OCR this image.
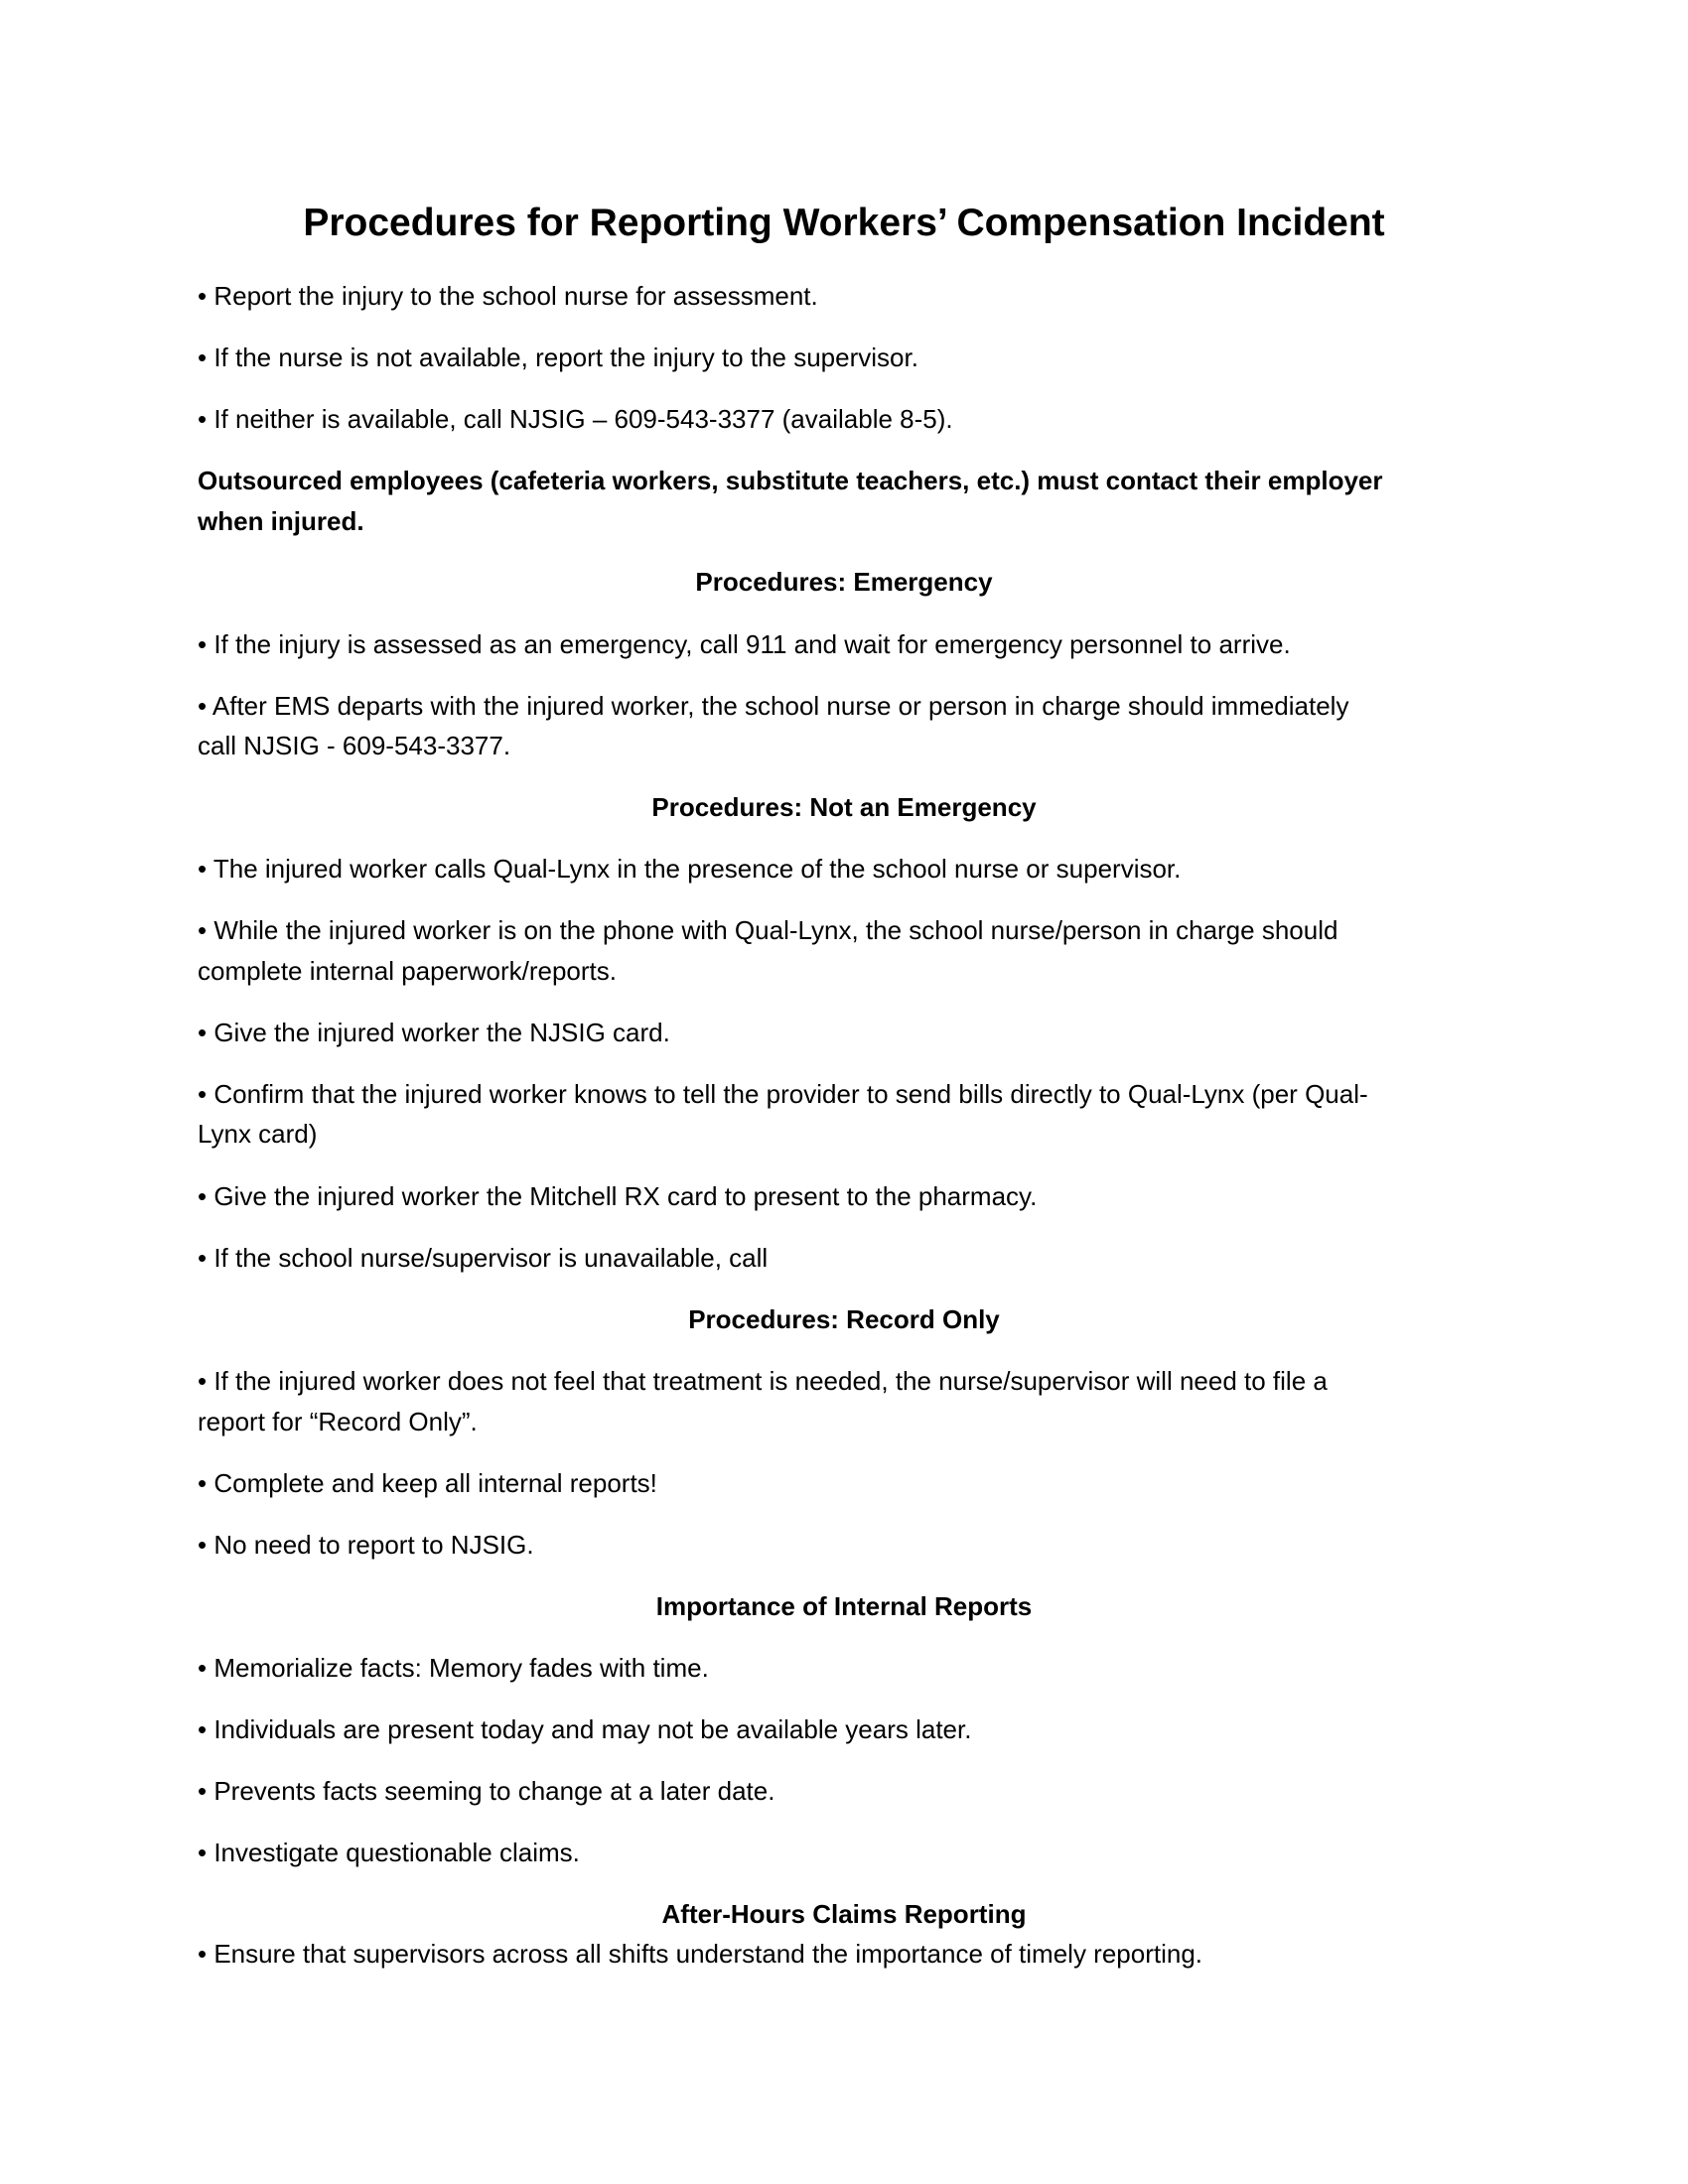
Procedures for Reporting Workers’ Compensation Incident

• Report the injury to the school nurse for assessment.

• If the nurse is not available, report the injury to the supervisor.

• If neither is available, call NJSIG – 609-543-3377 (available 8-5).

Outsourced employees (cafeteria workers, substitute teachers, etc.) must contact their employer

when injured.

Procedures: Emergency

• If the injury is assessed as an emergency, call 911 and wait for emergency personnel to arrive.

• After EMS departs with the injured worker, the school nurse or person in charge should immediately

call NJSIG - 609-543-3377.

Procedures: Not an Emergency

• The injured worker calls Qual-Lynx in the presence of the school nurse or supervisor.

• While the injured worker is on the phone with Qual-Lynx, the school nurse/person in charge should

complete internal paperwork/reports.

• Give the injured worker the NJSIG card.

• Confirm that the injured worker knows to tell the provider to send bills directly to Qual-Lynx (per Qual-

Lynx card)

• Give the injured worker the Mitchell RX card to present to the pharmacy.

• If the school nurse/supervisor is unavailable, call

Procedures: Record Only

• If the injured worker does not feel that treatment is needed, the nurse/supervisor will need to file a

report for “Record Only”.

• Complete and keep all internal reports!

• No need to report to NJSIG.

Importance of Internal Reports

• Memorialize facts: Memory fades with time.

• Individuals are present today and may not be available years later.

• Prevents facts seeming to change at a later date.

• Investigate questionable claims.

After-Hours Claims Reporting

• Ensure that supervisors across all shifts understand the importance of timely reporting.
